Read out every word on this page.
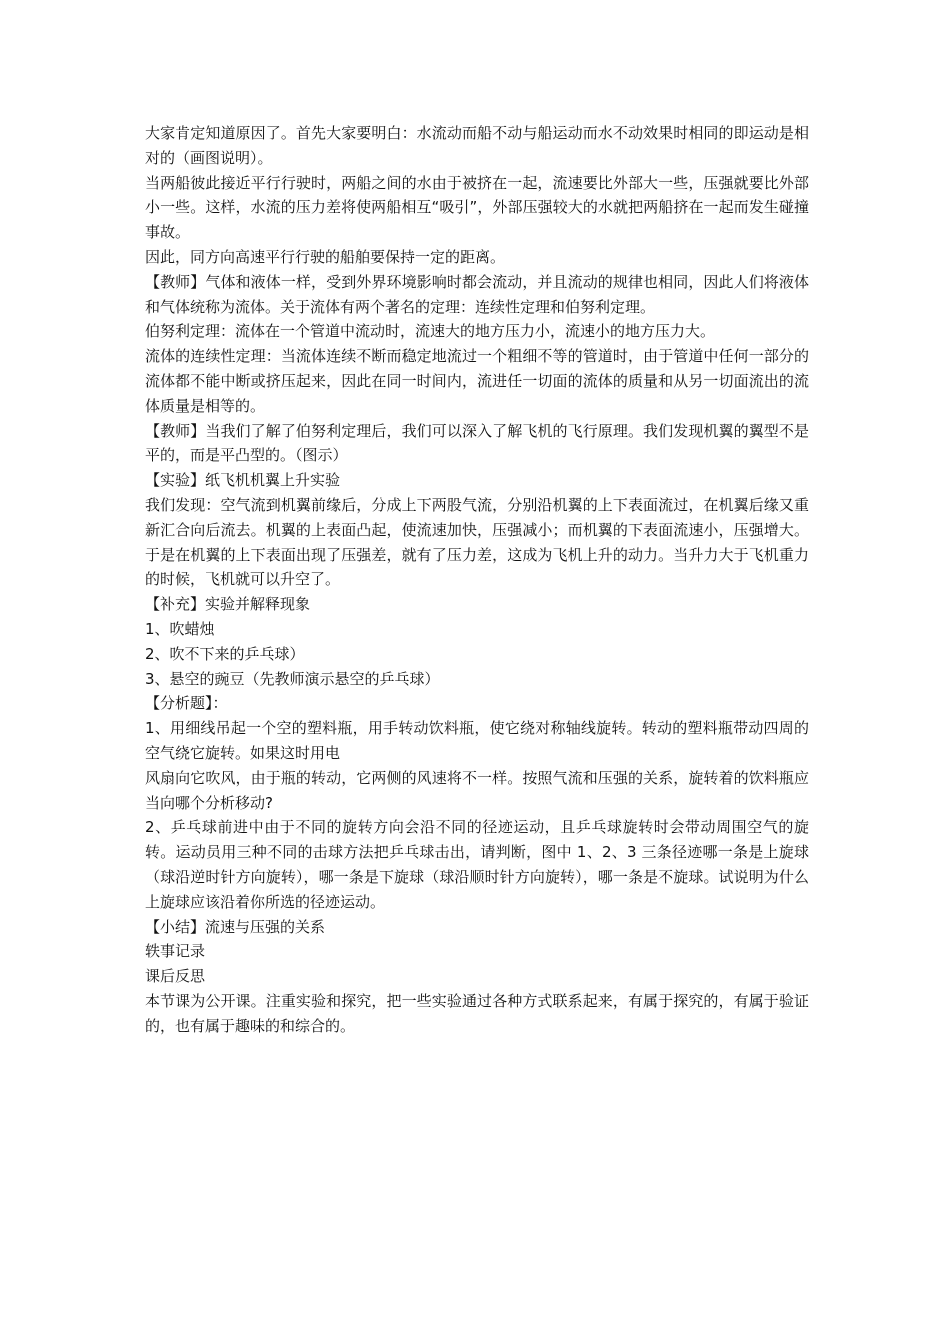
大家肯定知道原因了。首先大家要明白：水流动而船不动与船运动而水不动效果时相同的即运动是相对的（画图说明）。

当两船彼此接近平行行驶时，两船之间的水由于被挤在一起，流速要比外部大一些，压强就要比外部小一些。这样，水流的压力差将使两船相互“吸引”，外部压强较大的水就把两船挤在一起而发生碰撞事故。

因此，同方向高速平行行驶的船舶要保持一定的距离。

【教师】气体和液体一样，受到外界环境影响时都会流动，并且流动的规律也相同，因此人们将液体和气体统称为流体。关于流体有两个著名的定理：连续性定理和伯努利定理。

伯努利定理：流体在一个管道中流动时，流速大的地方压力小，流速小的地方压力大。

流体的连续性定理：当流体连续不断而稳定地流过一个粗细不等的管道时，由于管道中任何一部分的流体都不能中断或挤压起来，因此在同一时间内，流进任一切面的流体的质量和从另一切面流出的流体质量是相等的。

【教师】当我们了解了伯努利定理后，我们可以深入了解飞机的飞行原理。我们发现机翼的翼型不是平的，而是平凸型的。（图示）

【实验】纸飞机机翼上升实验

我们发现：空气流到机翼前缘后，分成上下两股气流，分别沿机翼的上下表面流过，在机翼后缘又重新汇合向后流去。机翼的上表面凸起，使流速加快，压强减小；而机翼的下表面流速小，压强增大。于是在机翼的上下表面出现了压强差，就有了压力差，这成为飞机上升的动力。当升力大于飞机重力的时候，飞机就可以升空了。

【补充】实验并解释现象

1、吹蜡烛

2、吹不下来的乒乓球）

3、悬空的豌豆（先教师演示悬空的乒乓球）

【分析题】：

1、用细线吊起一个空的塑料瓶，用手转动饮料瓶，使它绕对称轴线旋转。转动的塑料瓶带动四周的空气绕它旋转。如果这时用电

风扇向它吹风，由于瓶的转动，它两侧的风速将不一样。按照气流和压强的关系，旋转着的饮料瓶应当向哪个分析移动?

2、乒乓球前进中由于不同的旋转方向会沿不同的径迹运动，且乒乓球旋转时会带动周围空气的旋转。运动员用三种不同的击球方法把乒乓球击出，请判断，图中 1、2、3 三条径迹哪一条是上旋球（球沿逆时针方向旋转），哪一条是下旋球（球沿顺时针方向旋转），哪一条是不旋球。试说明为什么上旋球应该沿着你所选的径迹运动。

【小结】流速与压强的关系

轶事记录

课后反思

本节课为公开课。注重实验和探究，把一些实验通过各种方式联系起来，有属于探究的，有属于验证的，也有属于趣味的和综合的。
